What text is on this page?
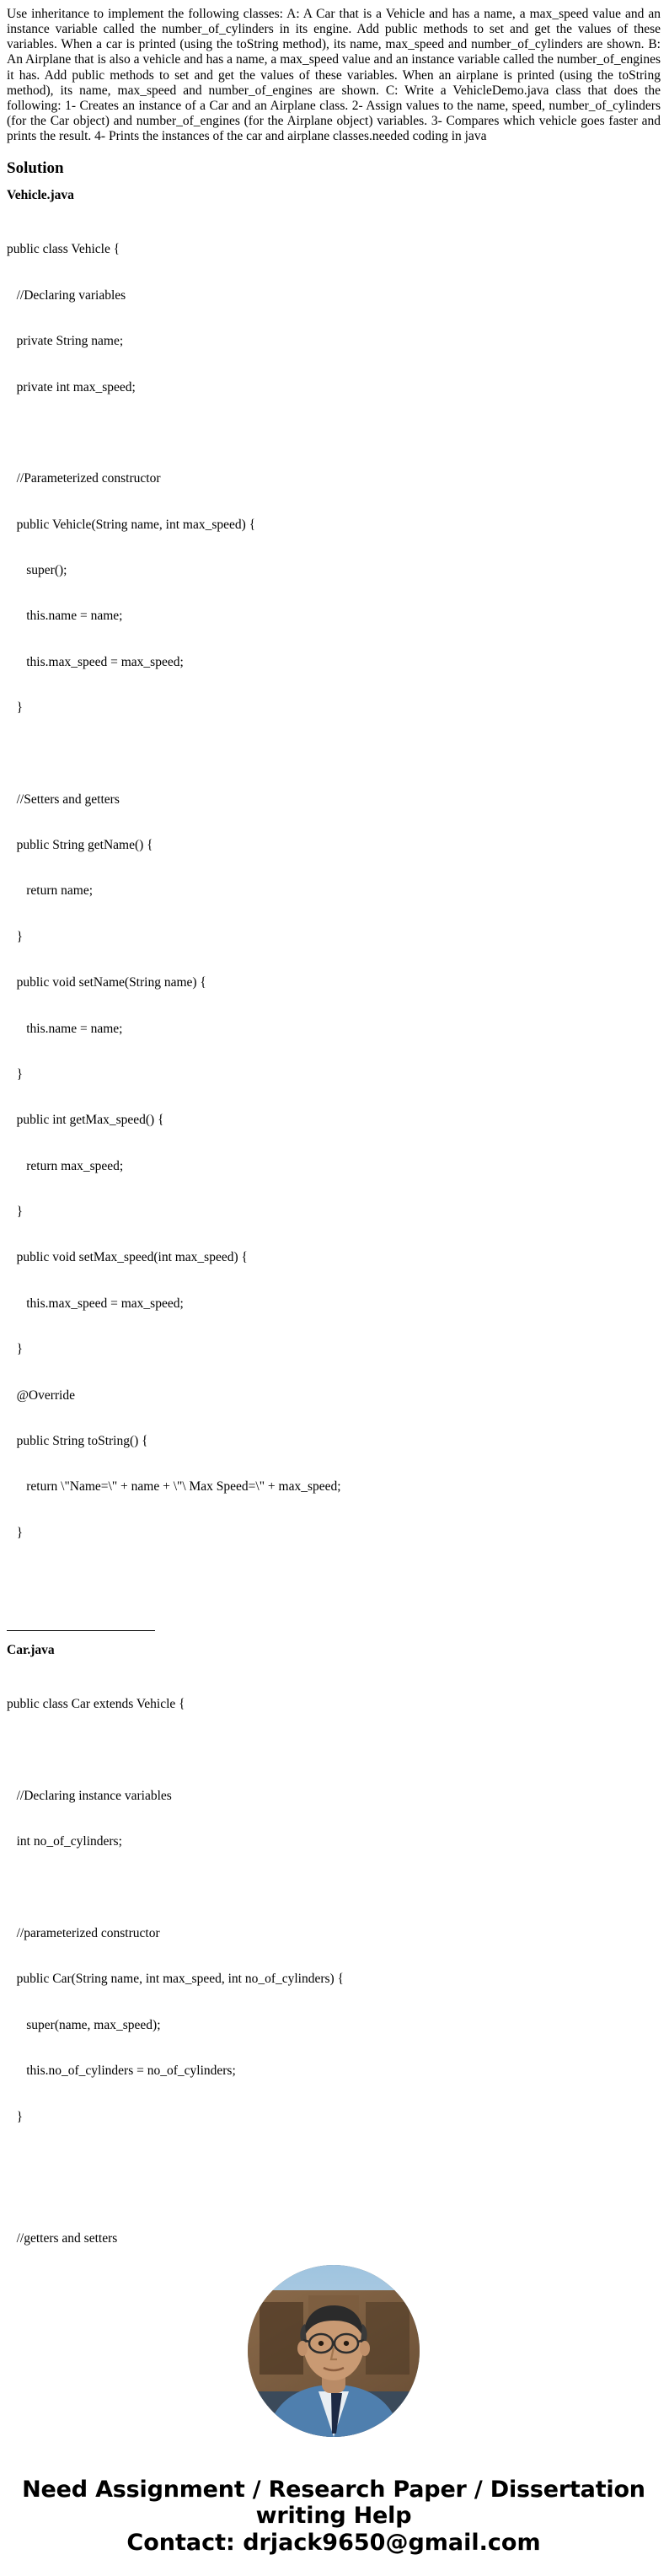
Use inheritance to implement the following classes: A: A Car that is a Vehicle and has a name, a max_speed value and an instance variable called the number_of_cylinders in its engine. Add public methods to set and get the values of these variables. When a car is printed (using the toString method), its name, max_speed and number_of_cylinders are shown. B: An Airplane that is also a vehicle and has a name, a max_speed value and an instance variable called the number_of_engines it has. Add public methods to set and get the values of these variables. When an airplane is printed (using the toString method), its name, max_speed and number_of_engines are shown. C: Write a VehicleDemo.java class that does the following: 1- Creates an instance of a Car and an Airplane class. 2- Assign values to the name, speed, number_of_cylinders (for the Car object) and number_of_engines (for the Airplane object) variables. 3- Compares which vehicle goes faster and prints the result. 4- Prints the instances of the car and airplane classes.needed coding in java

Solution
Vehicle.java

public class Vehicle {

//Declaring variables

private String name;

private int max_speed;

//Parameterized constructor

public Vehicle(String name, int max_speed) {

super();

this.name = name;

this.max_speed = max_speed;

}

//Setters and getters

public String getName() {

return name;

}

public void setName(String name) {

this.name = name;

}

public int getMax_speed() {

return max_speed;

}

public void setMax_speed(int max_speed) {

this.max_speed = max_speed;

}

@Override

public String toString() {

return \"Name=\" + name + \"\ Max Speed=\" + max_speed;

}

Car.java

public class Car extends Vehicle {

//Declaring instance variables

int no_of_cylinders;

//parameterized constructor

public Car(String name, int max_speed, int no_of_cylinders) {

super(name, max_speed);

this.no_of_cylinders = no_of_cylinders;

}

//getters and setters

Need Assignment / Research Paper / Dissertation
writing Help
Contact: drjack9650@gmail.com
